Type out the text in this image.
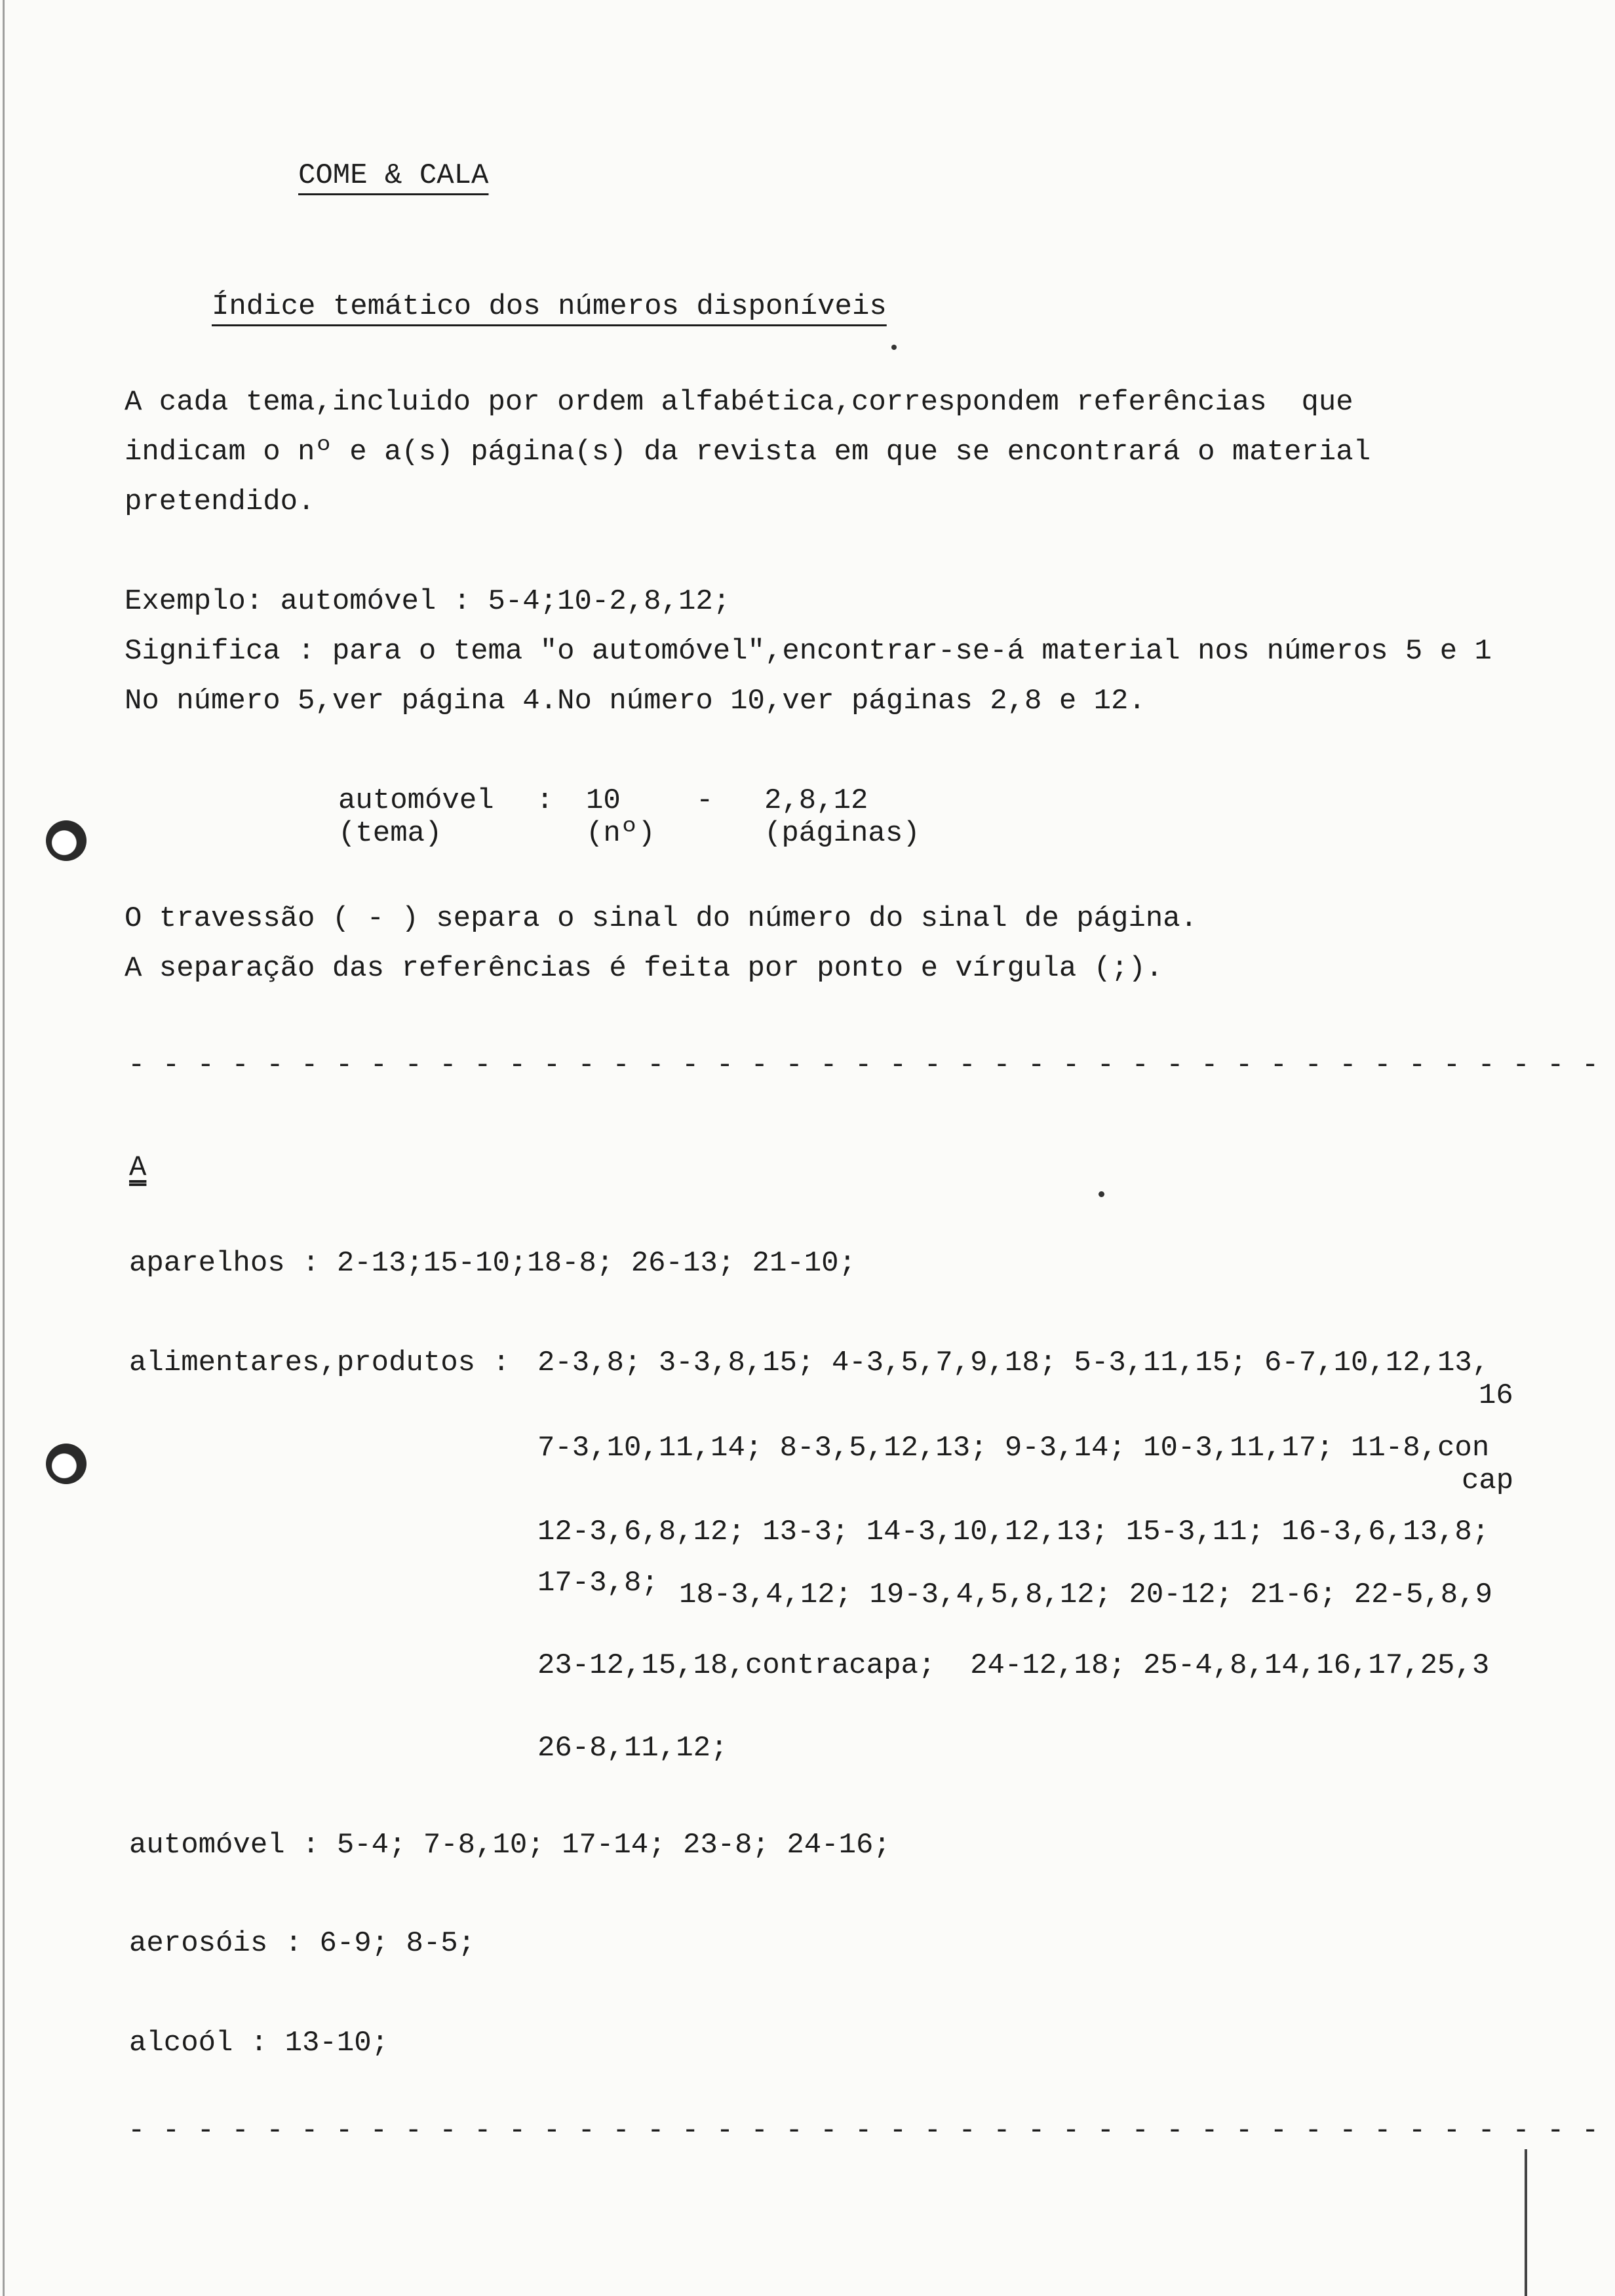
COME & CALA
Índice temático dos números disponíveis
A cada tema,incluido por ordem alfabética,correspondem referências  que
indicam o nº e a(s) página(s) da revista em que se encontrará o material
pretendido.
Exemplo: automóvel : 5-4;10-2,8,12;
Significa : para o tema "o automóvel",encontrar-se-á material nos números 5 e 1
No número 5,ver página 4.No número 10,ver páginas 2,8 e 12.
automóvel : 10	- 2,8,12
(tema)	(nº)	(páginas)
O travessão ( - ) separa o sinal do número do sinal de página.
A separação das referências é feita por ponto e vírgula (;).
- - - - - - - - - - - - - - - - - - - - - - - - - - - - - - - - - - - - - - - - - - -
A
aparelhos : 2-13;15-10;18-8; 26-13; 21-10;
alimentares,produtos : 2-3,8; 3-3,8,15; 4-3,5,7,9,18; 5-3,11,15; 6-7,10,12,13,
16
7-3,10,11,14; 8-3,5,12,13; 9-3,14; 10-3,11,17; 11-8,con
cap
12-3,6,8,12; 13-3; 14-3,10,12,13; 15-3,11; 16-3,6,13,8;
17-3,8; 18-3,4,12; 19-3,4,5,8,12; 20-12; 21-6; 22-5,8,9
23-12,15,18,contracapa;  24-12,18; 25-4,8,14,16,17,25,3
26-8,11,12;
automóvel : 5-4; 7-8,10; 17-14; 23-8; 24-16;
aerosóis : 6-9; 8-5;
alcoól : 13-10;
- - - - - - - - - - - - - - - - - - - - - - - - - - - - - - - - - - - - - - - - - - -
